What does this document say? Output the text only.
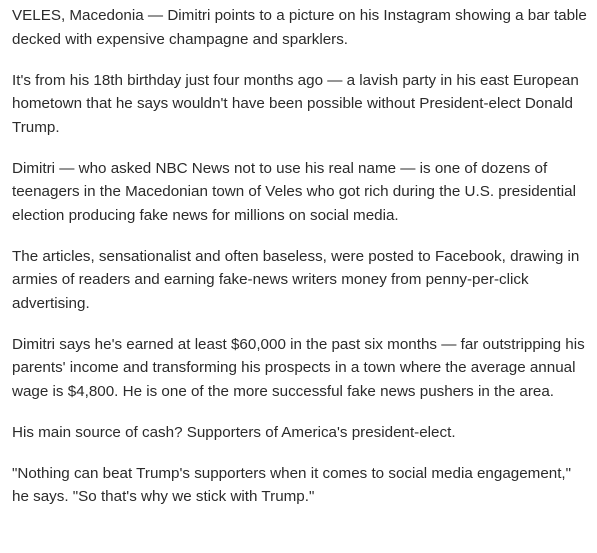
VELES, Macedonia — Dimitri points to a picture on his Instagram showing a bar table decked with expensive champagne and sparklers.

It's from his 18th birthday just four months ago — a lavish party in his east European hometown that he says wouldn't have been possible without President-elect Donald Trump.

Dimitri — who asked NBC News not to use his real name — is one of dozens of teenagers in the Macedonian town of Veles who got rich during the U.S. presidential election producing fake news for millions on social media.

The articles, sensationalist and often baseless, were posted to Facebook, drawing in armies of readers and earning fake-news writers money from penny-per-click advertising.

Dimitri says he's earned at least $60,000 in the past six months — far outstripping his parents' income and transforming his prospects in a town where the average annual wage is $4,800. He is one of the more successful fake news pushers in the area.

His main source of cash? Supporters of America's president-elect.

"Nothing can beat Trump's supporters when it comes to social media engagement," he says. "So that's why we stick with Trump."
